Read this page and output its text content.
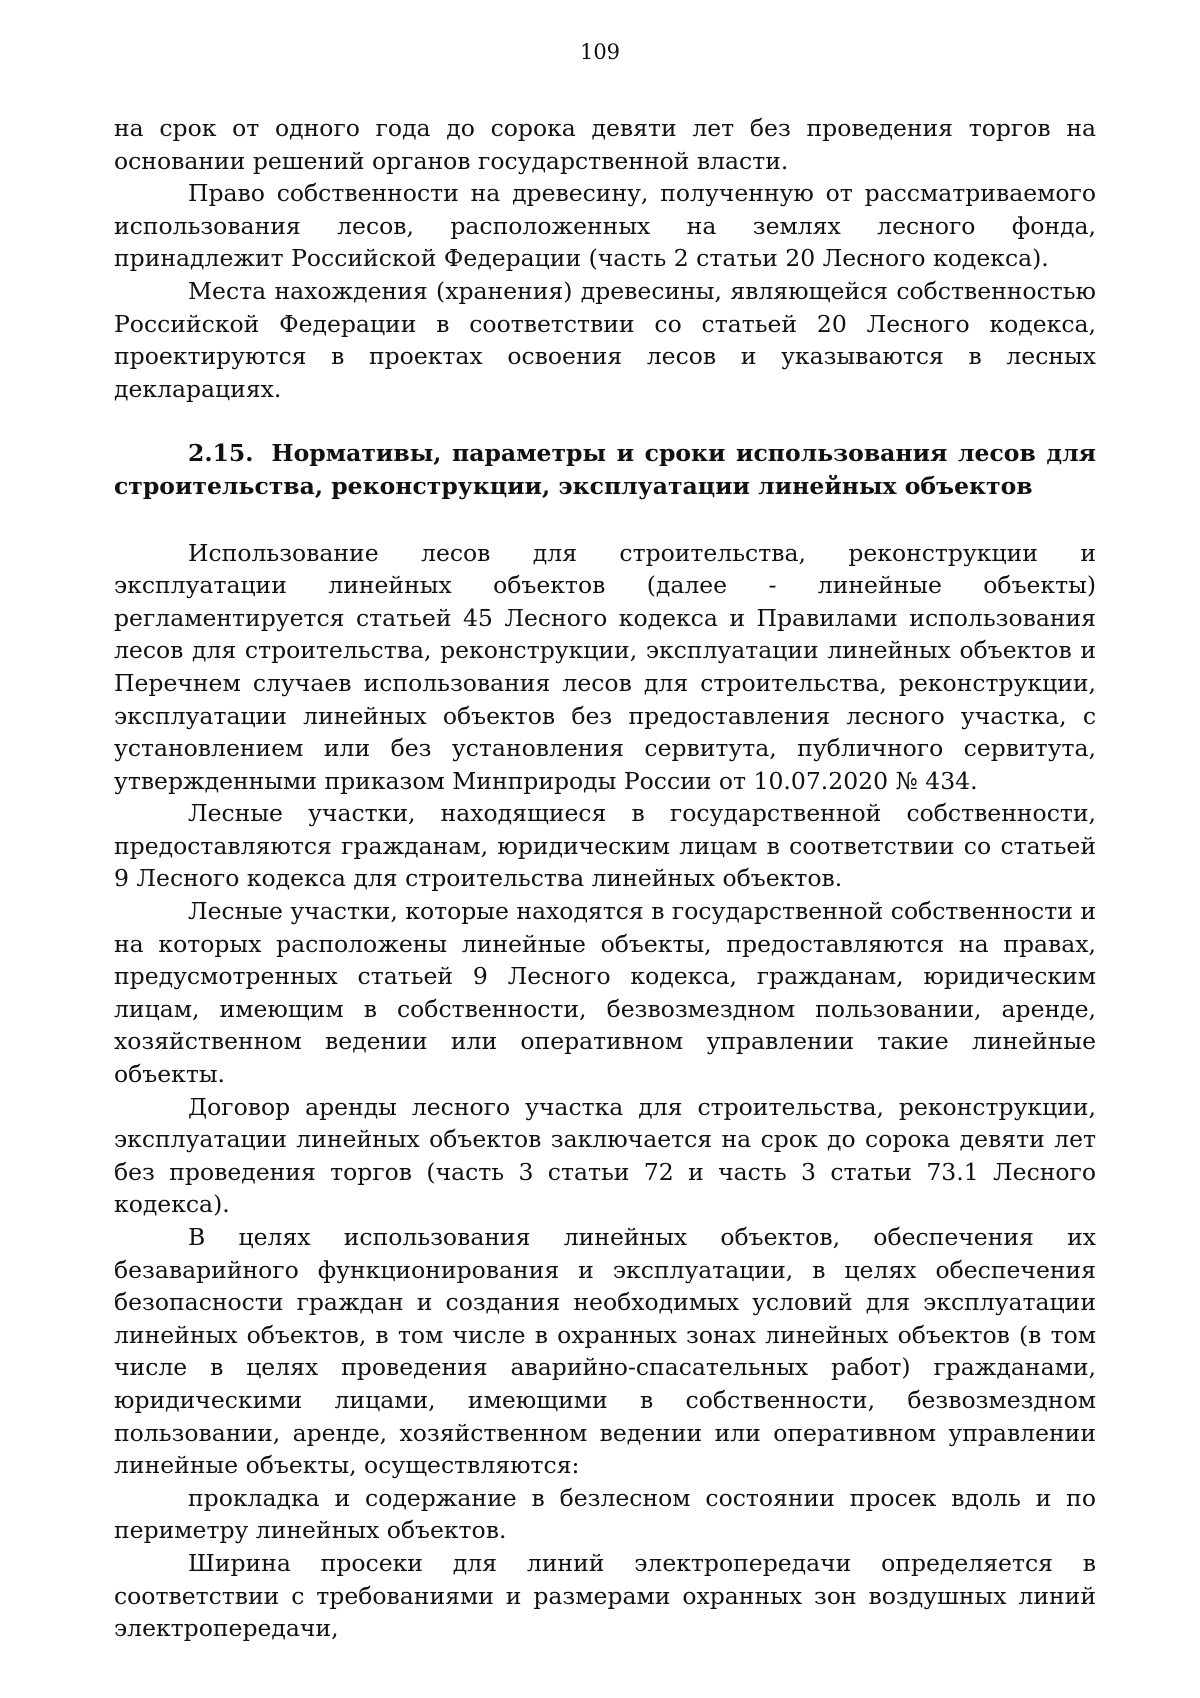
109

на срок от одного года до сорока девяти лет без проведения торгов на основании решений органов государственной власти.

Право собственности на древесину, полученную от рассматриваемого использования лесов, расположенных на землях лесного фонда, принадлежит Российской Федерации (часть 2 статьи 20 Лесного кодекса).

Места нахождения (хранения) древесины, являющейся собственностью Российской Федерации в соответствии со статьей 20 Лесного кодекса, проектируются в проектах освоения лесов и указываются в лесных декларациях.

2.15. Нормативы, параметры и сроки использования лесов для строительства, реконструкции, эксплуатации линейных объектов

Использование лесов для строительства, реконструкции и эксплуатации линейных объектов (далее - линейные объекты) регламентируется статьей 45 Лесного кодекса и Правилами использования лесов для строительства, реконструкции, эксплуатации линейных объектов и Перечнем случаев использования лесов для строительства, реконструкции, эксплуатации линейных объектов без предоставления лесного участка, с установлением или без установления сервитута, публичного сервитута, утвержденными приказом Минприроды России от 10.07.2020 № 434.

Лесные участки, находящиеся в государственной собственности, предоставляются гражданам, юридическим лицам в соответствии со статьей 9 Лесного кодекса для строительства линейных объектов.

Лесные участки, которые находятся в государственной собственности и на которых расположены линейные объекты, предоставляются на правах, предусмотренных статьей 9 Лесного кодекса, гражданам, юридическим лицам, имеющим в собственности, безвозмездном пользовании, аренде, хозяйственном ведении или оперативном управлении такие линейные объекты.

Договор аренды лесного участка для строительства, реконструкции, эксплуатации линейных объектов заключается на срок до сорока девяти лет без проведения торгов (часть 3 статьи 72 и часть 3 статьи 73.1 Лесного кодекса).

В целях использования линейных объектов, обеспечения их безаварийного функционирования и эксплуатации, в целях обеспечения безопасности граждан и создания необходимых условий для эксплуатации линейных объектов, в том числе в охранных зонах линейных объектов (в том числе в целях проведения аварийно-спасательных работ) гражданами, юридическими лицами, имеющими в собственности, безвозмездном пользовании, аренде, хозяйственном ведении или оперативном управлении линейные объекты, осуществляются:

прокладка и содержание в безлесном состоянии просек вдоль и по периметру линейных объектов.

Ширина просеки для линий электропередачи определяется в соответствии с требованиями и размерами охранных зон воздушных линий электропередачи,
